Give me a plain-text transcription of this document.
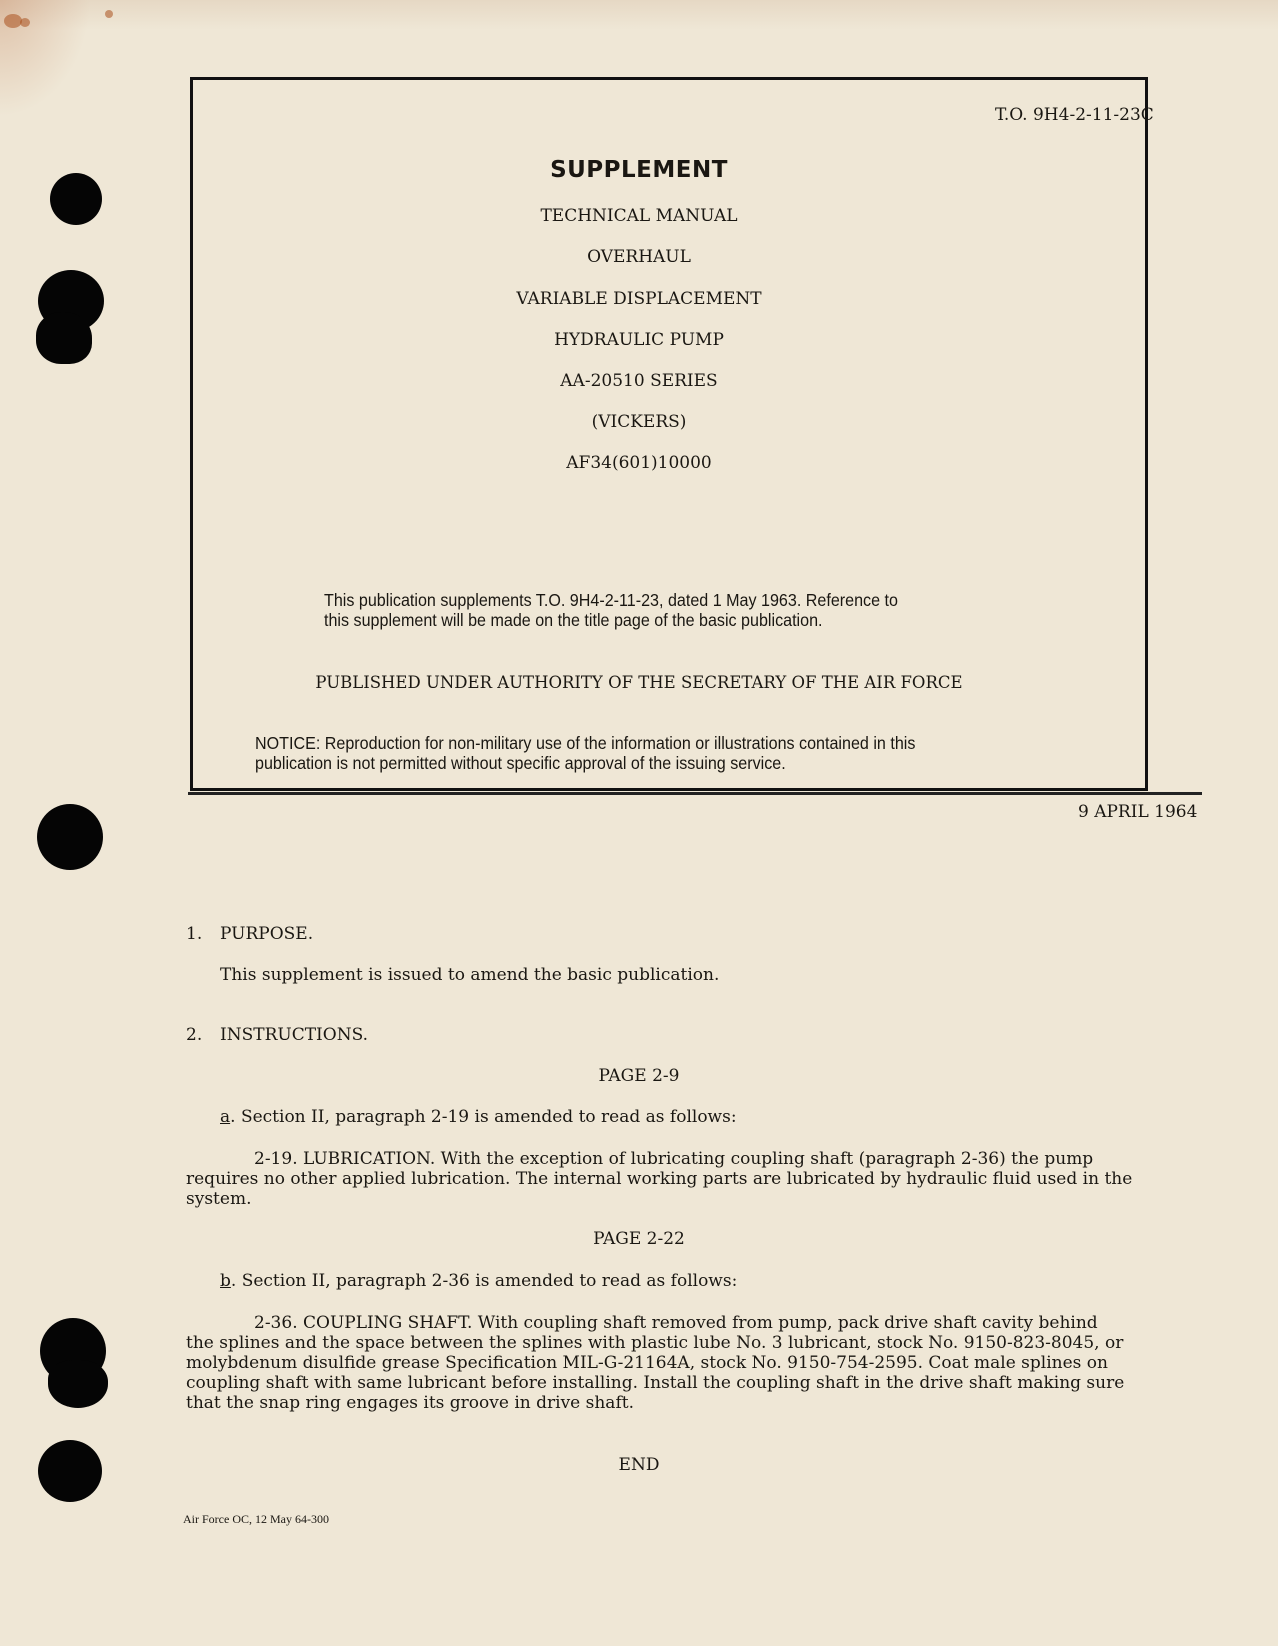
T.O. 9H4-2-11-23C
SUPPLEMENT
TECHNICAL MANUAL
OVERHAUL
VARIABLE DISPLACEMENT
HYDRAULIC PUMP
AA-20510 SERIES
(VICKERS)
AF34(601)10000
This publication supplements T.O. 9H4-2-11-23, dated 1 May 1963. Reference to
this supplement will be made on the title page of the basic publication.
PUBLISHED UNDER AUTHORITY OF THE SECRETARY OF THE AIR FORCE
NOTICE: Reproduction for non-military use of the information or illustrations contained in this
publication is not permitted without specific approval of the issuing service.
9 APRIL 1964
1. PURPOSE.
This supplement is issued to amend the basic publication.
2. INSTRUCTIONS.
PAGE 2-9
a. Section II, paragraph 2-19 is amended to read as follows:
2-19. LUBRICATION. With the exception of lubricating coupling shaft (paragraph 2-36) the pump
requires no other applied lubrication. The internal working parts are lubricated by hydraulic fluid used in the
system.
PAGE 2-22
b. Section II, paragraph 2-36 is amended to read as follows:
2-36. COUPLING SHAFT. With coupling shaft removed from pump, pack drive shaft cavity behind
the splines and the space between the splines with plastic lube No. 3 lubricant, stock No. 9150-823-8045, or
molybdenum disulfide grease Specification MIL-G-21164A, stock No. 9150-754-2595. Coat male splines on
coupling shaft with same lubricant before installing. Install the coupling shaft in the drive shaft making sure
that the snap ring engages its groove in drive shaft.
END
Air Force OC, 12 May 64-300
